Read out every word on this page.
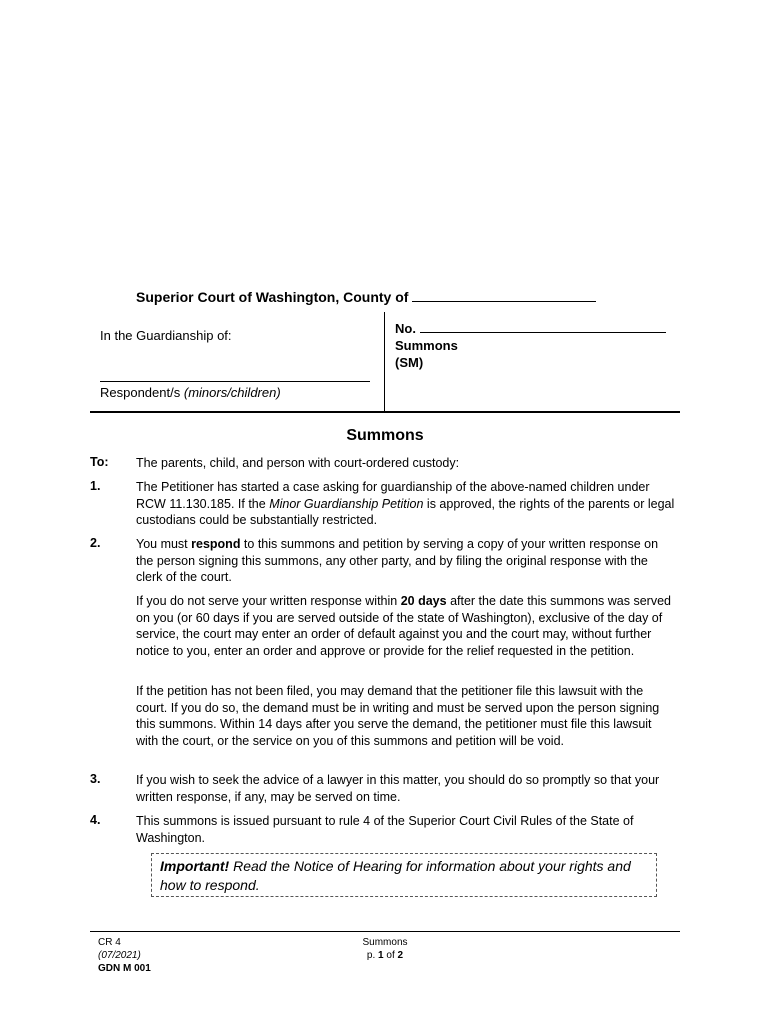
Superior Court of Washington, County of
In the Guardianship of:
Respondent/s (minors/children)
No.
Summons
(SM)
Summons
To: The parents, child, and person with court-ordered custody:
1.	The Petitioner has started a case asking for guardianship of the above-named children under RCW 11.130.185. If the Minor Guardianship Petition is approved, the rights of the parents or legal custodians could be substantially restricted.
2.	You must respond to this summons and petition by serving a copy of your written response on the person signing this summons, any other party, and by filing the original response with the clerk of the court.
If you do not serve your written response within 20 days after the date this summons was served on you (or 60 days if you are served outside of the state of Washington), exclusive of the day of service, the court may enter an order of default against you and the court may, without further notice to you, enter an order and approve or provide for the relief requested in the petition.
If the petition has not been filed, you may demand that the petitioner file this lawsuit with the court. If you do so, the demand must be in writing and must be served upon the person signing this summons. Within 14 days after you serve the demand, the petitioner must file this lawsuit with the court, or the service on you of this summons and petition will be void.
3.	If you wish to seek the advice of a lawyer in this matter, you should do so promptly so that your written response, if any, may be served on time.
4.	This summons is issued pursuant to rule 4 of the Superior Court Civil Rules of the State of Washington.
Important! Read the Notice of Hearing for information about your rights and how to respond.
CR 4
(07/2021)
GDN M 001
Summons
p. 1 of 2
